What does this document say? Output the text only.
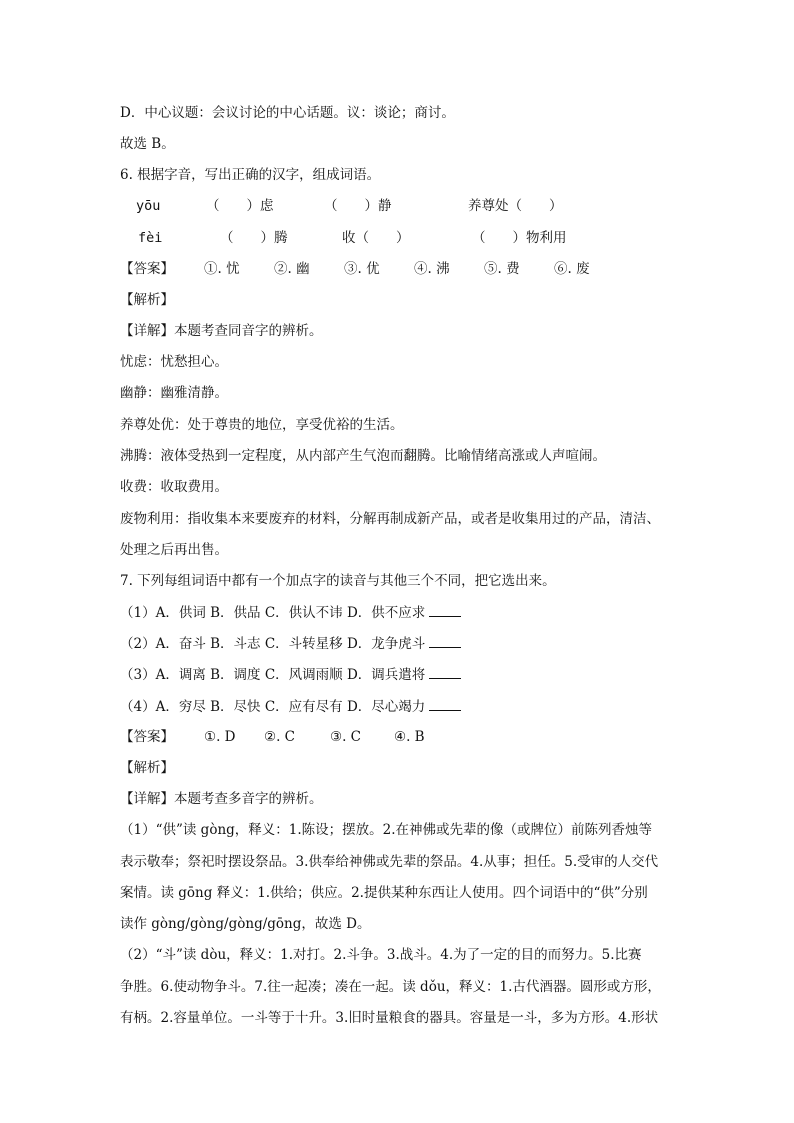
D．中心议题：会议讨论的中心话题。议：谈论；商讨。
故选 B。
6. 根据字音，写出正确的汉字，组成词语。
yōu	（　　）虑	（　　）静	养尊处（　　）
fèi	（　　）腾	收（　　）	（　　）物利用
【答案】 ①. 忧	②. 幽	③. 优	④. 沸	⑤. 费	⑥. 废
【解析】
【详解】本题考查同音字的辨析。
忧虑：忧愁担心。
幽静：幽雅清静。
养尊处优：处于尊贵的地位，享受优裕的生活。
沸腾：液体受热到一定程度，从内部产生气泡而翻腾。比喻情绪高涨或人声喧闹。
收费：收取费用。
废物利用：指收集本来要废弃的材料，分解再制成新产品，或者是收集用过的产品，清洁、
处理之后再出售。
7. 下列每组词语中都有一个加点字的读音与其他三个不同，把它选出来。
（1）A．供词 B．供品 C．供认不讳 D．供不应求
（2）A．奋斗 B．斗志 C．斗转星移 D．龙争虎斗
（3）A．调离 B．调度 C．风调雨顺 D．调兵遣将
（4）A．穷尽 B．尽快 C．应有尽有 D．尽心竭力
【答案】 ①. D ②. C	③. C ④. B
【解析】
【详解】本题考查多音字的辨析。
（1）“供”读 gòng，释义：1.陈设；摆放。2.在神佛或先辈的像（或牌位）前陈列香烛等
表示敬奉；祭祀时摆设祭品。3.供奉给神佛或先辈的祭品。4.从事；担任。5.受审的人交代
案情。读 gōng 释义：1.供给；供应。2.提供某种东西让人使用。四个词语中的“供”分别
读作 gòng/gòng/gòng/gōng，故选 D。
（2）“斗”读 dòu，释义：1.对打。2.斗争。3.战斗。4.为了一定的目的而努力。5.比赛
争胜。6.使动物争斗。7.往一起凑；凑在一起。读 dǒu，释义：1.古代酒器。圆形或方形，
有柄。2.容量单位。一斗等于十升。3.旧时量粮食的器具。容量是一斗，多为方形。4.形状
